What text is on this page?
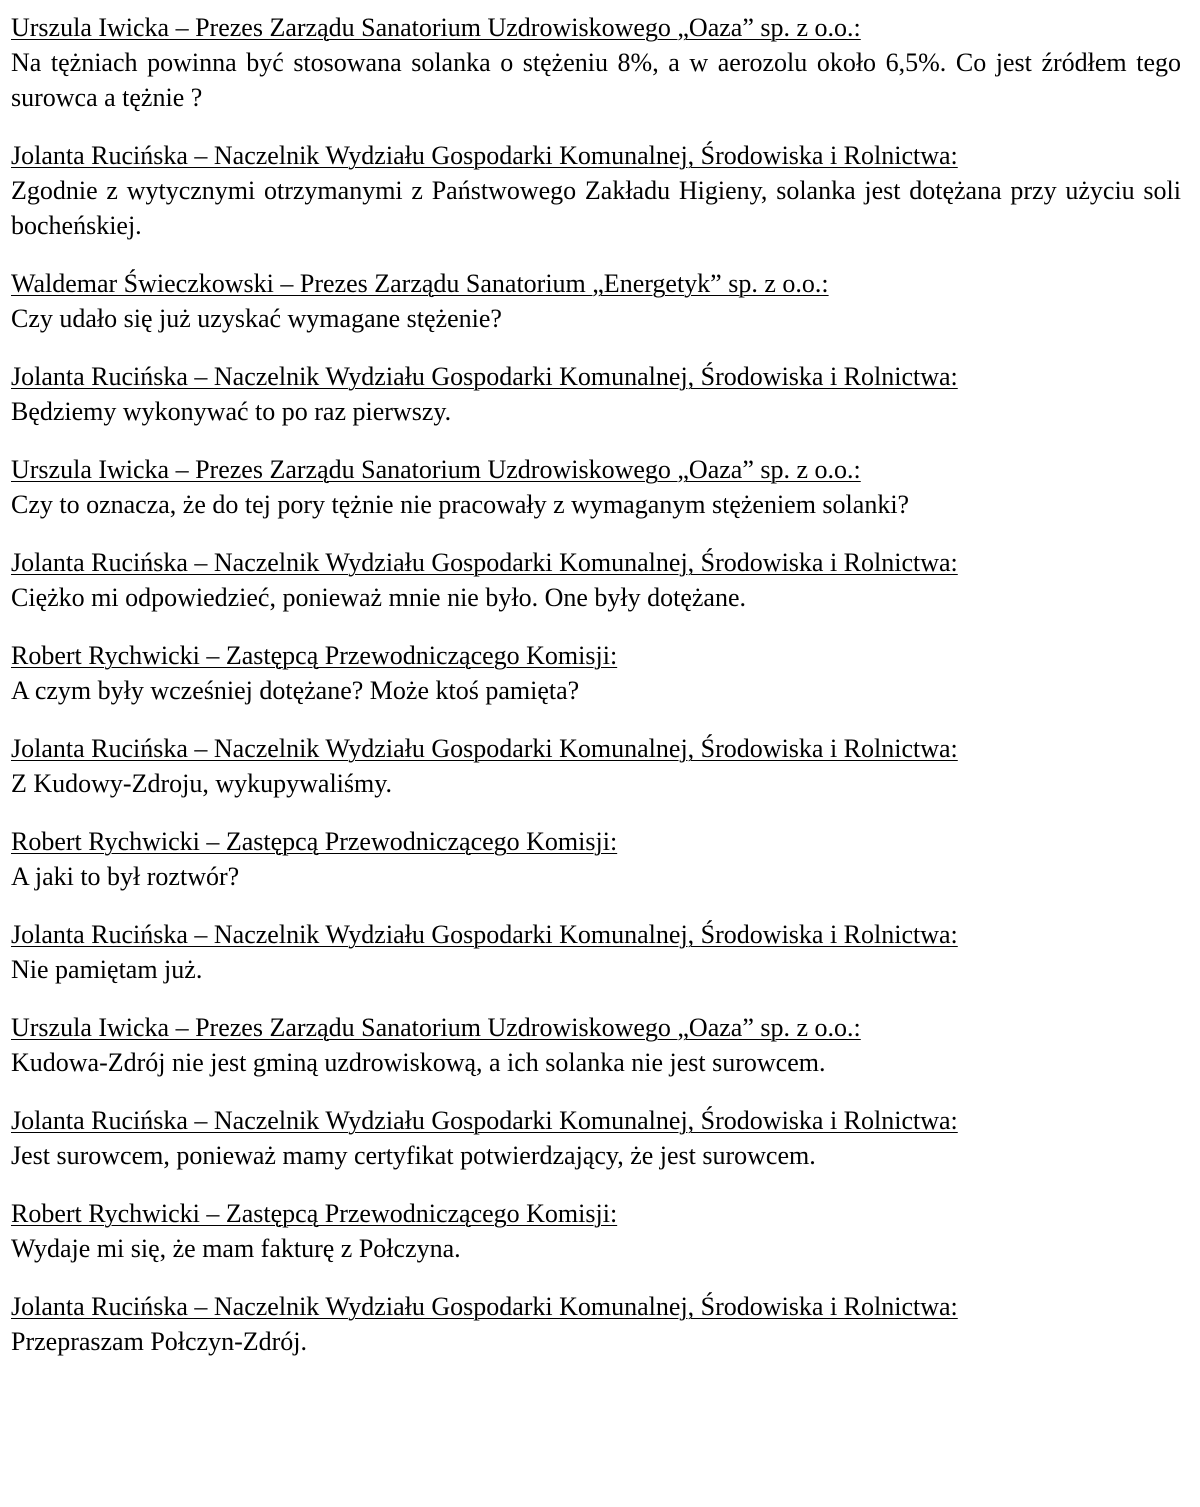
Urszula Iwicka – Prezes Zarządu Sanatorium Uzdrowiskowego „Oaza” sp. z o.o.:
Na tężniach powinna być stosowana solanka o stężeniu 8%, a w aerozolu około 6,5%. Co jest źródłem tego surowca a tężnie ?
Jolanta Rucińska – Naczelnik Wydziału Gospodarki Komunalnej, Środowiska i Rolnictwa:
Zgodnie z wytycznymi otrzymanymi z Państwowego Zakładu Higieny, solanka jest dotężana przy użyciu soli bocheńskiej.
Waldemar Świeczkowski – Prezes Zarządu Sanatorium „Energetyk” sp. z o.o.:
Czy udało się już uzyskać wymagane stężenie?
Jolanta Rucińska – Naczelnik Wydziału Gospodarki Komunalnej, Środowiska i Rolnictwa:
Będziemy wykonywać to po raz pierwszy.
Urszula Iwicka – Prezes Zarządu Sanatorium Uzdrowiskowego „Oaza” sp. z o.o.:
Czy to oznacza, że do tej pory tężnie nie pracowały z wymaganym stężeniem solanki?
Jolanta Rucińska – Naczelnik Wydziału Gospodarki Komunalnej, Środowiska i Rolnictwa:
Ciężko mi odpowiedzieć, ponieważ mnie nie było. One były dotężane.
Robert Rychwicki – Zastępcą Przewodniczącego Komisji:
A czym były wcześniej dotężane? Może ktoś pamięta?
Jolanta Rucińska – Naczelnik Wydziału Gospodarki Komunalnej, Środowiska i Rolnictwa:
Z Kudowy-Zdroju, wykupywaliśmy.
Robert Rychwicki – Zastępcą Przewodniczącego Komisji:
A jaki to był roztwór?
Jolanta Rucińska – Naczelnik Wydziału Gospodarki Komunalnej, Środowiska i Rolnictwa:
Nie pamiętam już.
Urszula Iwicka – Prezes Zarządu Sanatorium Uzdrowiskowego „Oaza” sp. z o.o.:
Kudowa-Zdrój nie jest gminą uzdrowiskową, a ich solanka nie jest surowcem.
Jolanta Rucińska – Naczelnik Wydziału Gospodarki Komunalnej, Środowiska i Rolnictwa:
Jest surowcem, ponieważ mamy certyfikat potwierdzający, że jest surowcem.
Robert Rychwicki – Zastępcą Przewodniczącego Komisji:
Wydaje mi się, że mam fakturę z Połczyna.
Jolanta Rucińska – Naczelnik Wydziału Gospodarki Komunalnej, Środowiska i Rolnictwa:
Przepraszam Połczyn-Zdrój.
